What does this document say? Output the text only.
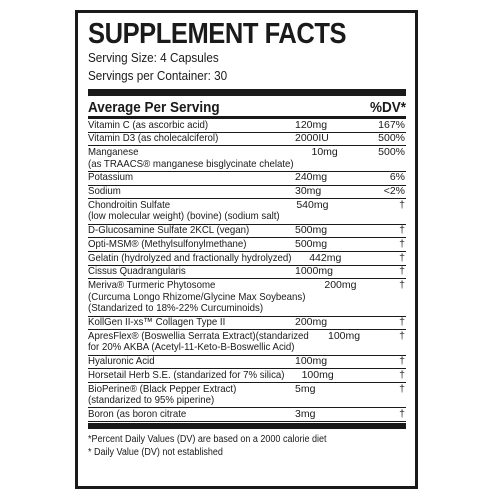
SUPPLEMENT FACTS
Serving Size: 4 Capsules
Servings per Container: 30
Average Per Serving	%DV*
Vitamin C (as ascorbic acid)	120mg	167%
Vitamin D3 (as cholecalciferol)	2000IU	500%
Manganese
(as TRAACS® manganese bisglycinate chelate)
10mg	500%
Potassium	240mg	6%
Sodium	30mg	<2%
Chondroitin Sulfate
(low molecular weight) (bovine) (sodium salt)
540mg	†
D-Glucosamine Sulfate 2KCL (vegan)	500mg	†
Opti-MSM® (Methylsulfonylmethane)	500mg	†
Gelatin (hydrolyzed and fractionally hydrolyzed) 442mg	†
Cissus Quadrangularis	1000mg	†
Meriva® Turmeric Phytosome
(Curcuma Longo Rhizome/Glycine Max Soybeans)
(Standarized to 18%-22% Curcuminoids)
200mg	†
KollGen II-xs™ Collagen Type II	200mg	†
ApresFlex® (Boswellia Serrata Extract)(standarized
for 20% AKBA (Acetyl-11-Keto-B-Boswellic Acid)
100mg	†
Hyaluronic Acid	100mg	†
Horsetail Herb S.E. (standarized for 7% silica) 100mg	†
BioPerine® (Black Pepper Extract)
(standarized to 95% piperine)
5mg	†
Boron (as boron citrate	3mg	†
*Percent Daily Values (DV) are based on a 2000 calorie diet
* Daily Value (DV) not established
